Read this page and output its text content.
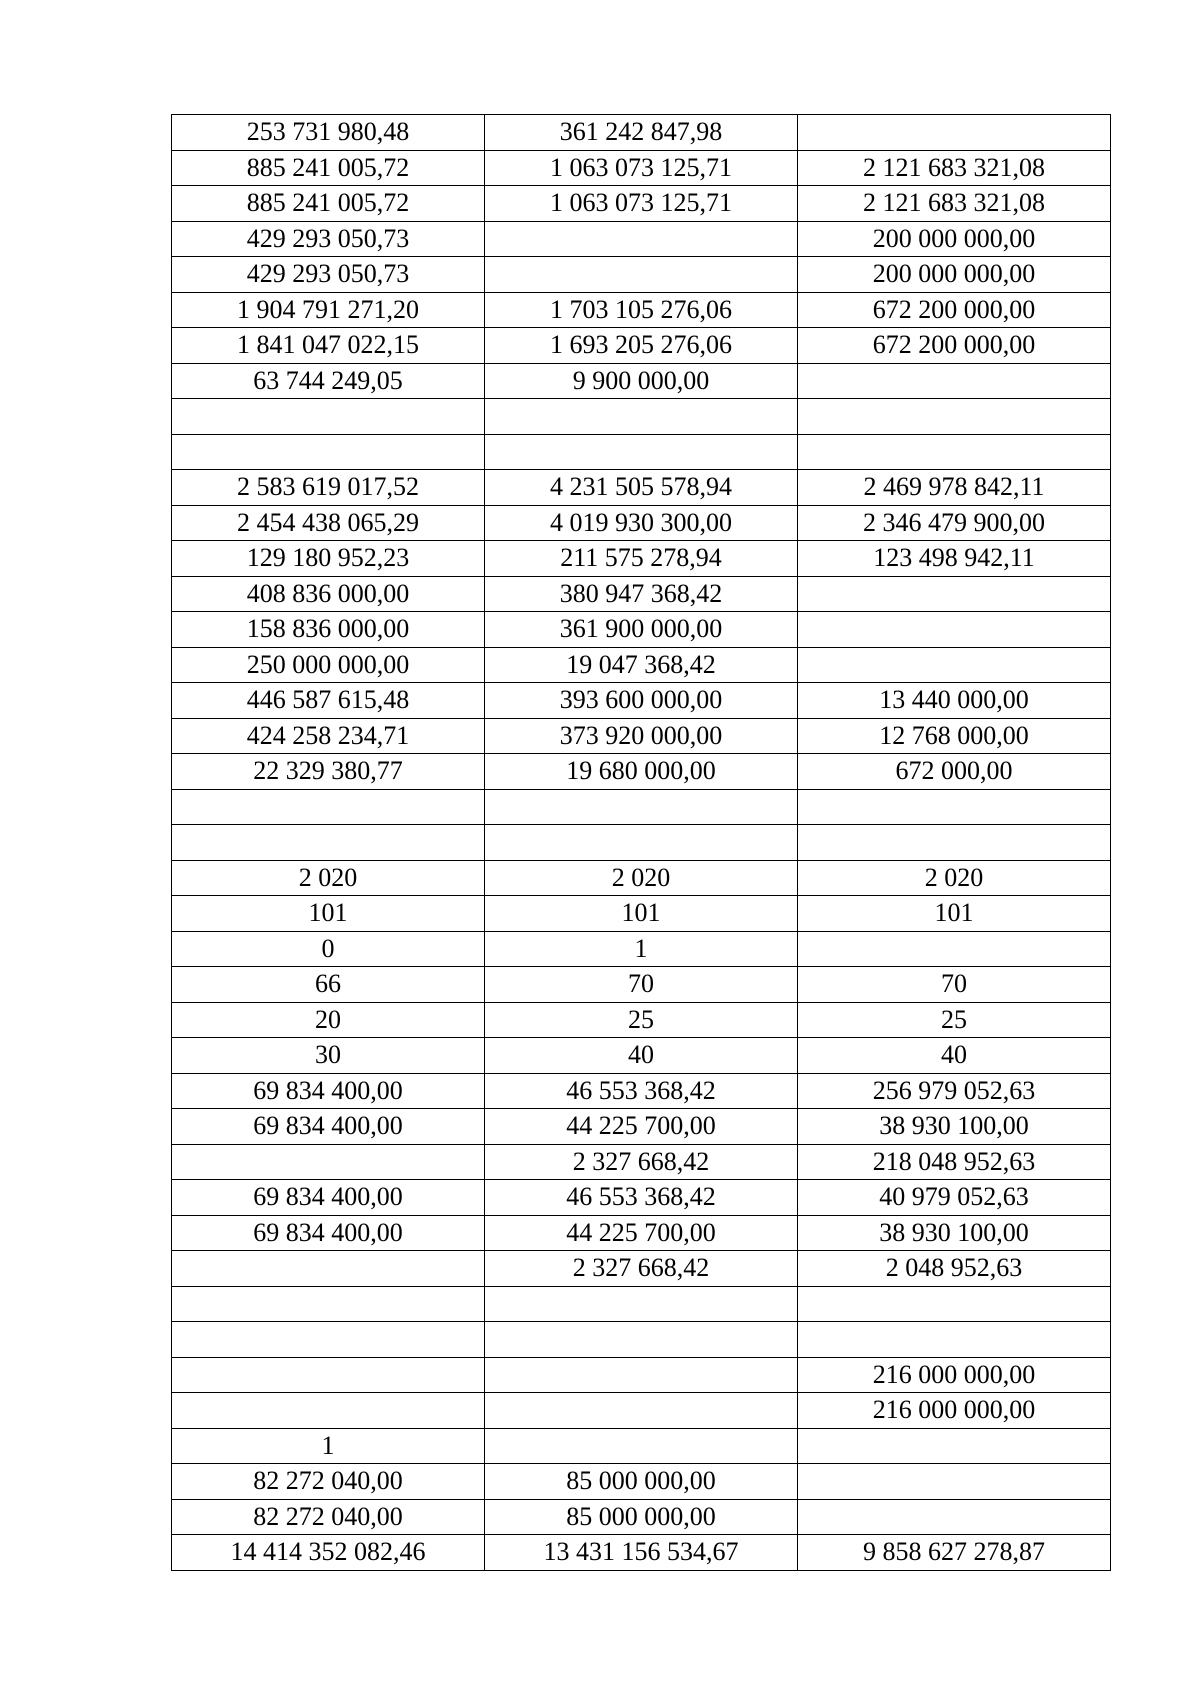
253 731 980,48	361 242 847,98	
885 241 005,72	1 063 073 125,71	2 121 683 321,08
885 241 005,72	1 063 073 125,71	2 121 683 321,08
429 293 050,73		200 000 000,00
429 293 050,73		200 000 000,00
1 904 791 271,20	1 703 105 276,06	672 200 000,00
1 841 047 022,15	1 693 205 276,06	672 200 000,00
63 744 249,05	9 900 000,00	

2 583 619 017,52	4 231 505 578,94	2 469 978 842,11
2 454 438 065,29	4 019 930 300,00	2 346 479 900,00
129 180 952,23	211 575 278,94	123 498 942,11
408 836 000,00	380 947 368,42	
158 836 000,00	361 900 000,00	
250 000 000,00	19 047 368,42	
446 587 615,48	393 600 000,00	13 440 000,00
424 258 234,71	373 920 000,00	12 768 000,00
22 329 380,77	19 680 000,00	672 000,00

2 020	2 020	2 020
101	101	101
0	1	
66	70	70
20	25	25
30	40	40
69 834 400,00	46 553 368,42	256 979 052,63
69 834 400,00	44 225 700,00	38 930 100,00
	2 327 668,42	218 048 952,63
69 834 400,00	46 553 368,42	40 979 052,63
69 834 400,00	44 225 700,00	38 930 100,00
	2 327 668,42	2 048 952,63

		216 000 000,00
		216 000 000,00
1		
82 272 040,00	85 000 000,00	
82 272 040,00	85 000 000,00	
14 414 352 082,46	13 431 156 534,67	9 858 627 278,87
